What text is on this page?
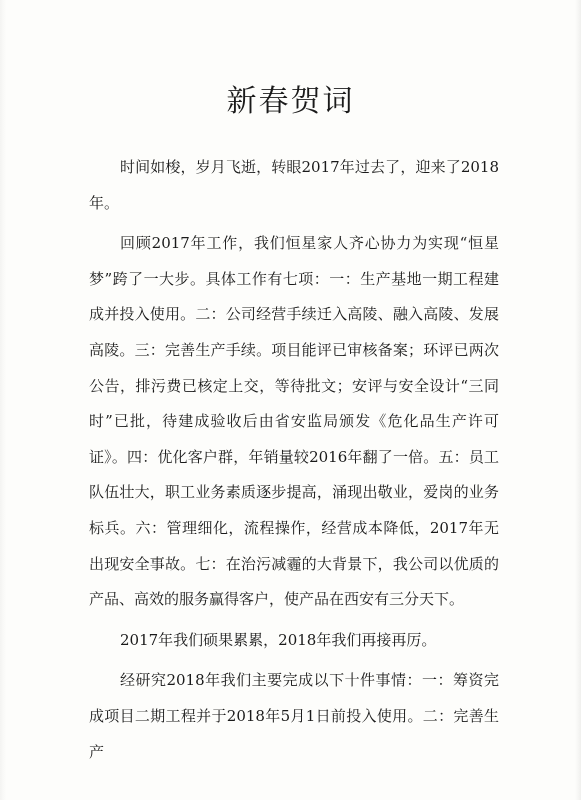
新春贺词

时间如梭，岁月飞逝，转眼2017年过去了，迎来了2018年。

回顾2017年工作，我们恒星家人齐心协力为实现“恒星梦”跨了一大步。具体工作有七项：一：生产基地一期工程建成并投入使用。二：公司经营手续迁入高陵、融入高陵、发展高陵。三：完善生产手续。项目能评已审核备案；环评已两次公告，排污费已核定上交，等待批文；安评与安全设计“三同时”已批，待建成验收后由省安监局颁发《危化品生产许可证》。四：优化客户群，年销量较2016年翻了一倍。五：员工队伍壮大，职工业务素质逐步提高，涌现出敬业，爱岗的业务标兵。六：管理细化，流程操作，经营成本降低，2017年无出现安全事故。七：在治污减霾的大背景下，我公司以优质的产品、高效的服务赢得客户，使产品在西安有三分天下。

2017年我们硕果累累，2018年我们再接再厉。

经研究2018年我们主要完成以下十件事情：一：筹资完成项目二期工程并于2018年5月1日前投入使用。二：完善生产
